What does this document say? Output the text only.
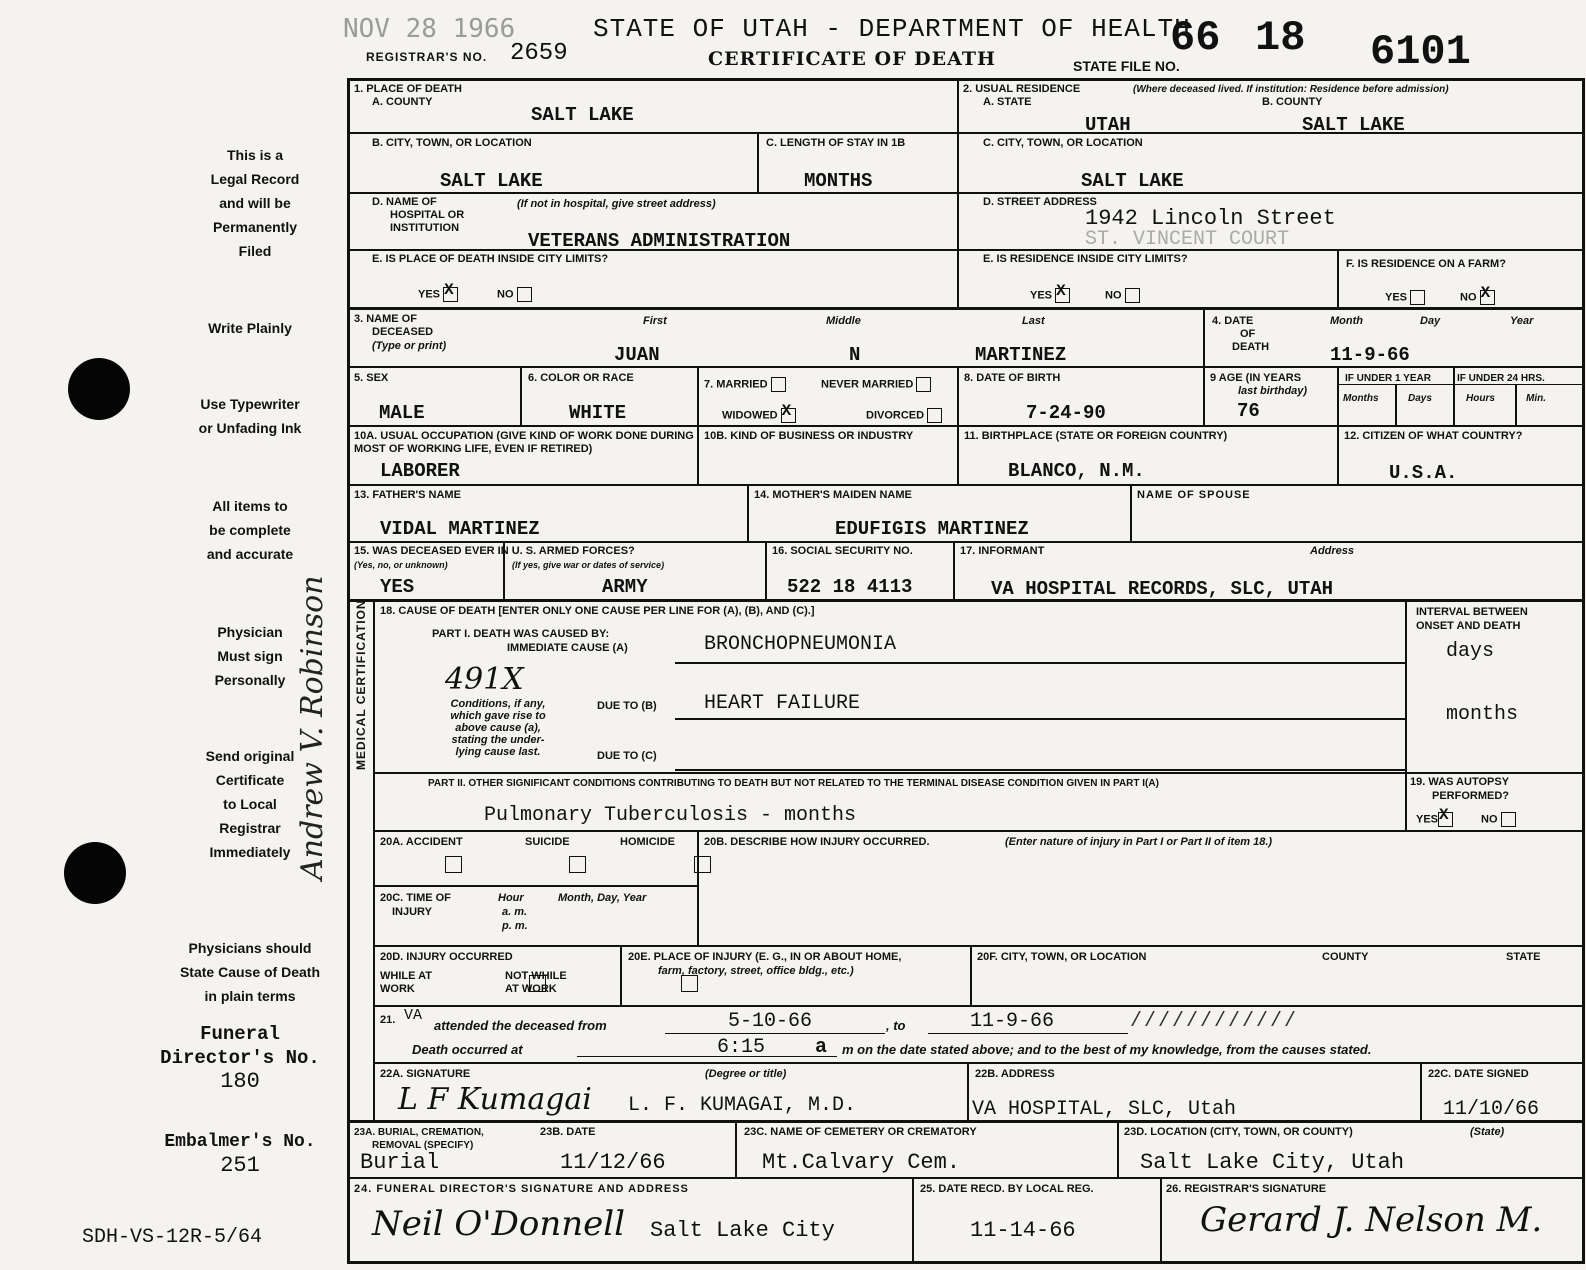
NOV 28 1966
REGISTRAR'S NO. 2659
STATE OF UTAH - DEPARTMENT OF HEALTH
CERTIFICATE OF DEATH	STATE FILE NO.
66 18 6101
This is a
Legal Record
and will be
Permanently
Filed
Write Plainly
Use Typewriter
or Unfading Ink
All items to
be complete
and accurate
Physician
Must sign
Personally
Send original
Certificate
to Local
Registrar
Immediately
Physicians should
State Cause of Death
in plain terms
Funeral
Director's No.
180
Embalmer's No.
251
SDH-VS-12R-5/64
Andrew V. Robinson MEDICAL CERTIFICATION
1. PLACE OF DEATH
A. COUNTY
SALT LAKE
2. USUAL RESIDENCE	(Where deceased lived. If institution: Residence before admission)
A. STATE	B. COUNTY
UTAH	SALT LAKE
B. CITY, TOWN, OR LOCATION
SALT LAKE
C. LENGTH OF STAY IN 1B
MONTHS
C. CITY, TOWN, OR LOCATION
SALT LAKE
D. NAME OF
HOSPITAL OR
INSTITUTION
(If not in hospital, give street address)
VETERANS ADMINISTRATION
D. STREET ADDRESS
1942 Lincoln Street
ST. VINCENT COURT
E. IS PLACE OF DEATH INSIDE CITY LIMITS?
YES X	NO
E. IS RESIDENCE INSIDE CITY LIMITS?
YES X	NO
F. IS RESIDENCE ON A FARM?
YES	NO X
3. NAME OF
DECEASED
(Type or print)
First	Middle	Last
JUAN	N	MARTINEZ
4. DATE
OF
DEATH
Month	Day	Year
11-9-66
5. SEX
MALE
6. COLOR OR RACE
WHITE
7. MARRIED	NEVER MARRIED
WIDOWED X	DIVORCED
8. DATE OF BIRTH
7-24-90
9 AGE (IN YEARS
last birthday)
76
IF UNDER 1 YEAR
Months	Days
IF UNDER 24 HRS.
Hours	Min.
10A. USUAL OCCUPATION (GIVE KIND OF WORK DONE DURING MOST OF WORKING LIFE, EVEN IF RETIRED)
LABORER
10B. KIND OF BUSINESS OR INDUSTRY	11. BIRTHPLACE (STATE OR FOREIGN COUNTRY)
BLANCO, N.M.
12. CITIZEN OF WHAT COUNTRY?
U.S.A.
13. FATHER'S NAME
VIDAL MARTINEZ
14. MOTHER'S MAIDEN NAME
EDUFIGIS MARTINEZ
NAME OF SPOUSE
15. WAS DECEASED EVER IN U. S. ARMED FORCES?
(Yes, no, or unknown)	(If yes, give war or dates of service)
YES	ARMY
16. SOCIAL SECURITY NO.
522 18 4113
17. INFORMANT	Address
VA HOSPITAL RECORDS, SLC, UTAH
18. CAUSE OF DEATH [ENTER ONLY ONE CAUSE PER LINE FOR (A), (B), AND (C).]
PART I. DEATH WAS CAUSED BY:
IMMEDIATE CAUSE (A)	BRONCHOPNEUMONIA
491X
Conditions, if any,
which gave rise to
above cause (a),
stating the under-
lying cause last.
DUE TO (B) HEART FAILURE
DUE TO (C)
INTERVAL BETWEEN
ONSET AND DEATH
days
months
PART II. OTHER SIGNIFICANT CONDITIONS CONTRIBUTING TO DEATH BUT NOT RELATED TO THE TERMINAL DISEASE CONDITION GIVEN IN PART I(A)
Pulmonary Tuberculosis - months
19. WAS AUTOPSY
PERFORMED?
YES X	NO
20A. ACCIDENT	SUICIDE	HOMICIDE
	20B. DESCRIBE HOW INJURY OCCURRED.	(Enter nature of injury in Part I or Part II of item 18.)
20C. TIME OF
INJURY
Hour
a. m.
p. m.
Month, Day, Year
20D. INJURY OCCURRED
WHILE AT
WORK

NOT WHILE
AT WORK
20E. PLACE OF INJURY (E. G., IN OR ABOUT HOME,
farm, factory, street, office bldg., etc.)
20F. CITY, TOWN, OR LOCATION	COUNTY	STATE
21. VA
attended the deceased from	5-10-66	, to	11-9-66	////////////
Death occurred at	6:15 a m on the date stated above; and to the best of my knowledge, from the causes stated.
22A. SIGNATURE
L F Kumagai
(Degree or title)
L. F. KUMAGAI, M.D.
22B. ADDRESS
VA HOSPITAL, SLC, Utah
22C. DATE SIGNED
11/10/66
23A. BURIAL, CREMATION,
REMOVAL (SPECIFY)
Burial
23B. DATE
11/12/66
23C. NAME OF CEMETERY OR CREMATORY
Mt.Calvary Cem.
23D. LOCATION (CITY, TOWN, OR COUNTY)	(State)
Salt Lake City, Utah
24. FUNERAL DIRECTOR'S SIGNATURE AND ADDRESS
Neil O'Donnell Salt Lake City
25. DATE RECD. BY LOCAL REG.
11-14-66
26. REGISTRAR'S SIGNATURE
Gerard J. Nelson M.
